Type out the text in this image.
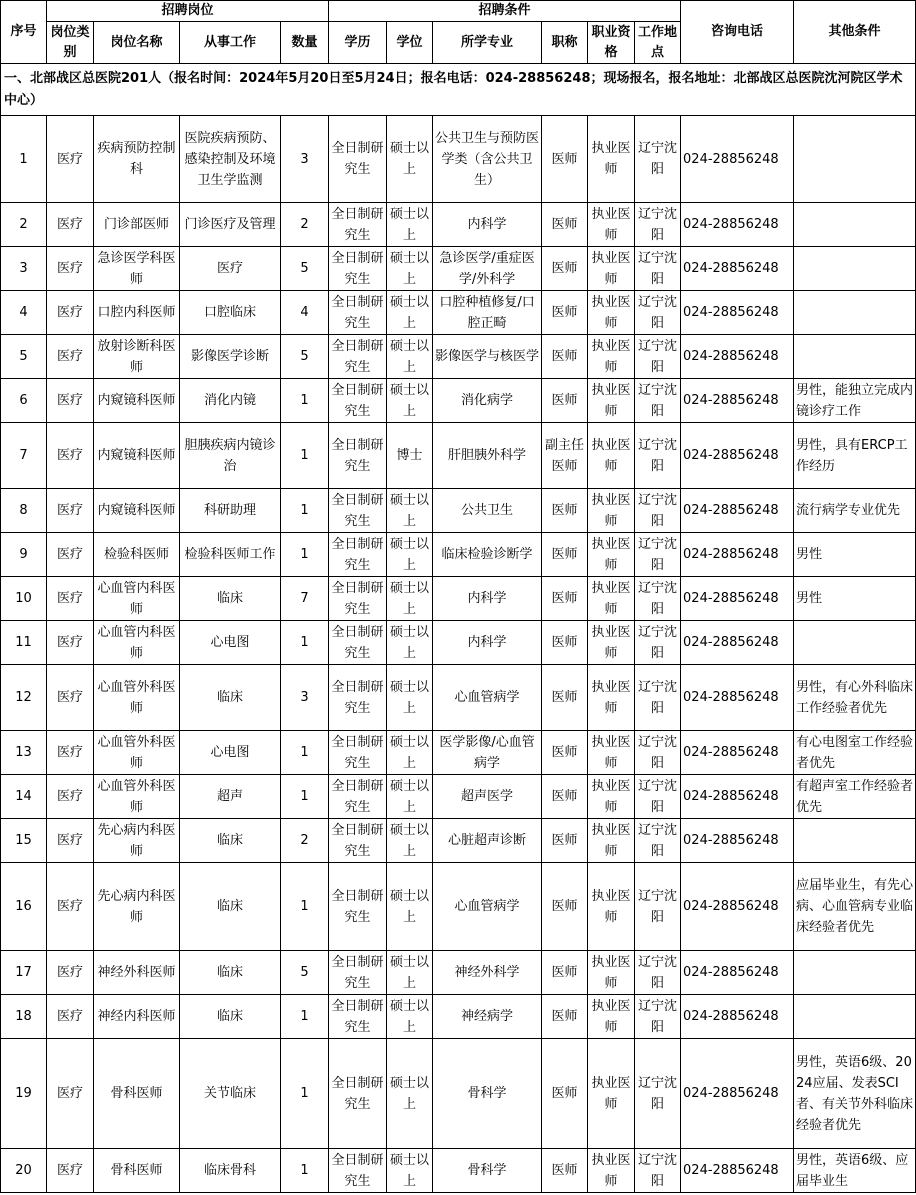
序号	招聘岗位				招聘条件						咨询电话	其他条件
	岗位类别	岗位名称	从事工作	数量	学历	学位	所学专业	职称	职业资格	工作地点		
一、北部战区总医院201人（报名时间：2024年5月20日至5月24日；报名电话：024-28856248；现场报名，报名地址：北部战区总医院沈河院区学术中心）												
1	医疗	疾病预防控制科	医院疾病预防、感染控制及环境卫生学监测	3	全日制研究生	硕士以上	公共卫生与预防医学类（含公共卫生）	医师	执业医师	辽宁沈阳	024-28856248	
2	医疗	门诊部医师	门诊医疗及管理	2	全日制研究生	硕士以上	内科学	医师	执业医师	辽宁沈阳	024-28856248	
3	医疗	急诊医学科医师	医疗	5	全日制研究生	硕士以上	急诊医学/重症医学/外科学	医师	执业医师	辽宁沈阳	024-28856248	
4	医疗	口腔内科医师	口腔临床	4	全日制研究生	硕士以上	口腔种植修复/口腔正畸	医师	执业医师	辽宁沈阳	024-28856248	
5	医疗	放射诊断科医师	影像医学诊断	5	全日制研究生	硕士以上	影像医学与核医学	医师	执业医师	辽宁沈阳	024-28856248	
6	医疗	内窥镜科医师	消化内镜	1	全日制研究生	硕士以上	消化病学	医师	执业医师	辽宁沈阳	024-28856248	男性，能独立完成内镜诊疗工作
7	医疗	内窥镜科医师	胆胰疾病内镜诊治	1	全日制研究生	博士	肝胆胰外科学	副主任医师	执业医师	辽宁沈阳	024-28856248	男性，具有ERCP工作经历
8	医疗	内窥镜科医师	科研助理	1	全日制研究生	硕士以上	公共卫生	医师	执业医师	辽宁沈阳	024-28856248	流行病学专业优先
9	医疗	检验科医师	检验科医师工作	1	全日制研究生	硕士以上	临床检验诊断学	医师	执业医师	辽宁沈阳	024-28856248	男性
10	医疗	心血管内科医师	临床	7	全日制研究生	硕士以上	内科学	医师	执业医师	辽宁沈阳	024-28856248	男性
11	医疗	心血管内科医师	心电图	1	全日制研究生	硕士以上	内科学	医师	执业医师	辽宁沈阳	024-28856248	
12	医疗	心血管外科医师	临床	3	全日制研究生	硕士以上	心血管病学	医师	执业医师	辽宁沈阳	024-28856248	男性，有心外科临床工作经验者优先
13	医疗	心血管外科医师	心电图	1	全日制研究生	硕士以上	医学影像/心血管病学	医师	执业医师	辽宁沈阳	024-28856248	有心电图室工作经验者优先
14	医疗	心血管外科医师	超声	1	全日制研究生	硕士以上	超声医学	医师	执业医师	辽宁沈阳	024-28856248	有超声室工作经验者优先
15	医疗	先心病内科医师	临床	2	全日制研究生	硕士以上	心脏超声诊断	医师	执业医师	辽宁沈阳	024-28856248	
16	医疗	先心病内科医师	临床	1	全日制研究生	硕士以上	心血管病学	医师	执业医师	辽宁沈阳	024-28856248	应届毕业生，有先心病、心血管病专业临床经验者优先
17	医疗	神经外科医师	临床	5	全日制研究生	硕士以上	神经外科学	医师	执业医师	辽宁沈阳	024-28856248	
18	医疗	神经内科医师	临床	1	全日制研究生	硕士以上	神经病学	医师	执业医师	辽宁沈阳	024-28856248	
19	医疗	骨科医师	关节临床	1	全日制研究生	硕士以上	骨科学	医师	执业医师	辽宁沈阳	024-28856248	男性，英语6级、2024应届、发表SCI者、有关节外科临床经验者优先
20	医疗	骨科医师	临床骨科	1	全日制研究生	硕士以上	骨科学	医师	执业医师	辽宁沈阳	024-28856248	男性，英语6级、应届毕业生
